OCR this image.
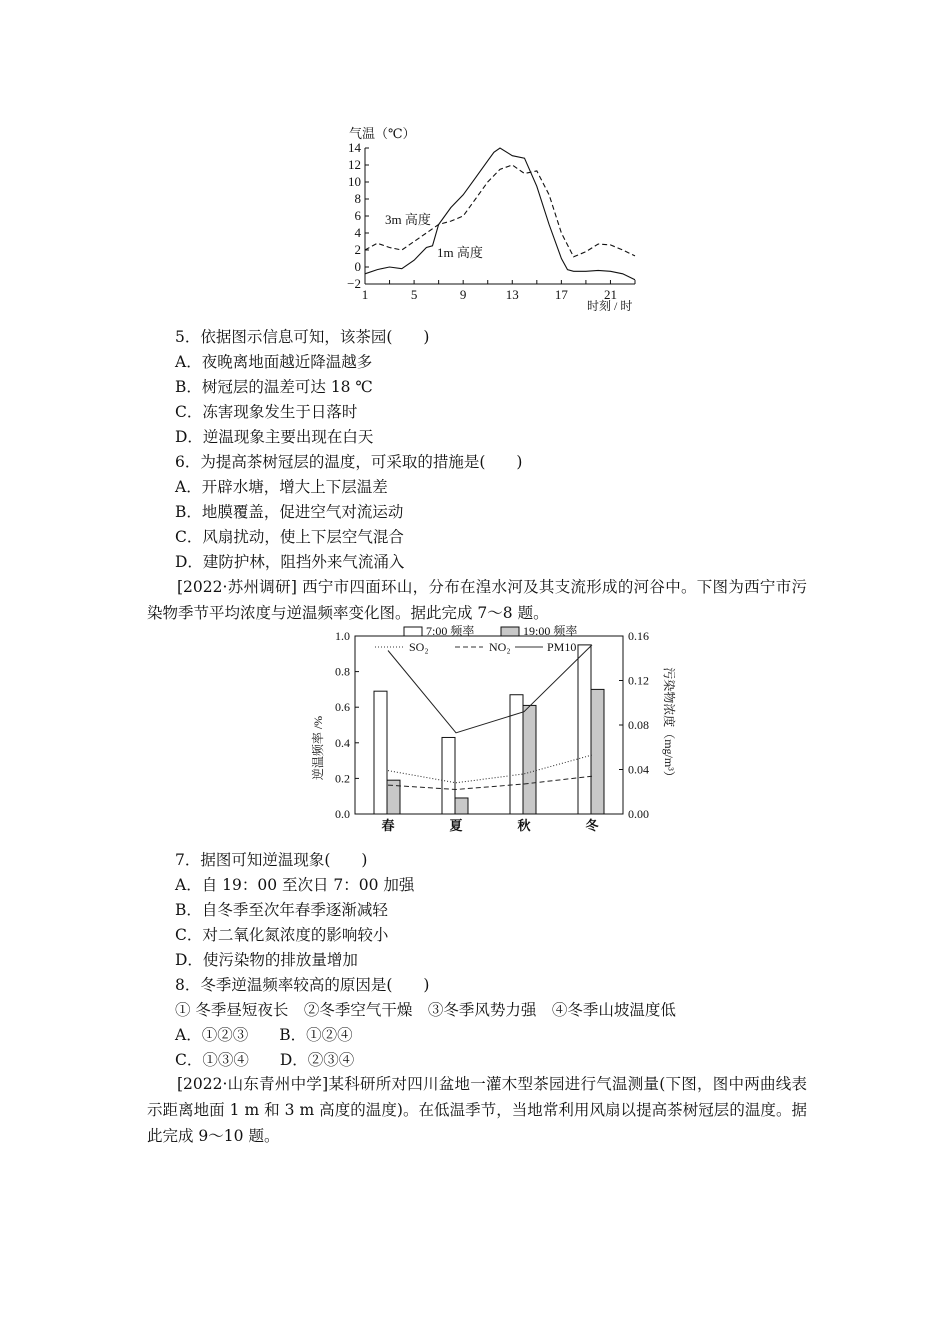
气温（℃）
−2
0
2
4
6
8
10
12
14
1	5	9	13	17	21
时刻 / 时
3m 高度
1m 高度
5．依据图示信息可知，该茶园(　　)
A．夜晚离地面越近降温越多
B．树冠层的温差可达 18 ℃
C．冻害现象发生于日落时
D．逆温现象主要出现在白天
6．为提高茶树冠层的温度，可采取的措施是(　　)
A．开辟水塘，增大上下层温差
B．地膜覆盖，促进空气对流运动
C．风扇扰动，使上下层空气混合
D．建防护林，阻挡外来气流涌入
[2022·苏州调研] 西宁市四面环山，分布在湟水河及其支流形成的河谷中。下图为西宁市污染物季节平均浓度与逆温频率变化图。据此完成 7～8 题。
逆温频率 /%	污染物浓度（mg/m³）
0.0
0.2
0.4
0.6
0.8
1.0
0.00
0.04
0.08
0.12
0.16
春	夏	秋	冬
7:00 频率	19:00 频率
SO₂	NO₂	PM10
7．据图可知逆温现象(　　)
A．自 19：00 至次日 7：00 加强
B．自冬季至次年春季逐渐减轻
C．对二氧化氮浓度的影响较小
D．使污染物的排放量增加
8．冬季逆温频率较高的原因是(　　)
① 冬季昼短夜长　②冬季空气干燥　③冬季风势力强　④冬季山坡温度低
A．①②③　　B．①②④
C．①③④　　D．②③④
[2022·山东青州中学]某科研所对四川盆地一灌木型茶园进行气温测量(下图，图中两曲线表示距离地面 1 m 和 3 m 高度的温度)。在低温季节，当地常利用风扇以提高茶树冠层的温度。据此完成 9～10 题。
